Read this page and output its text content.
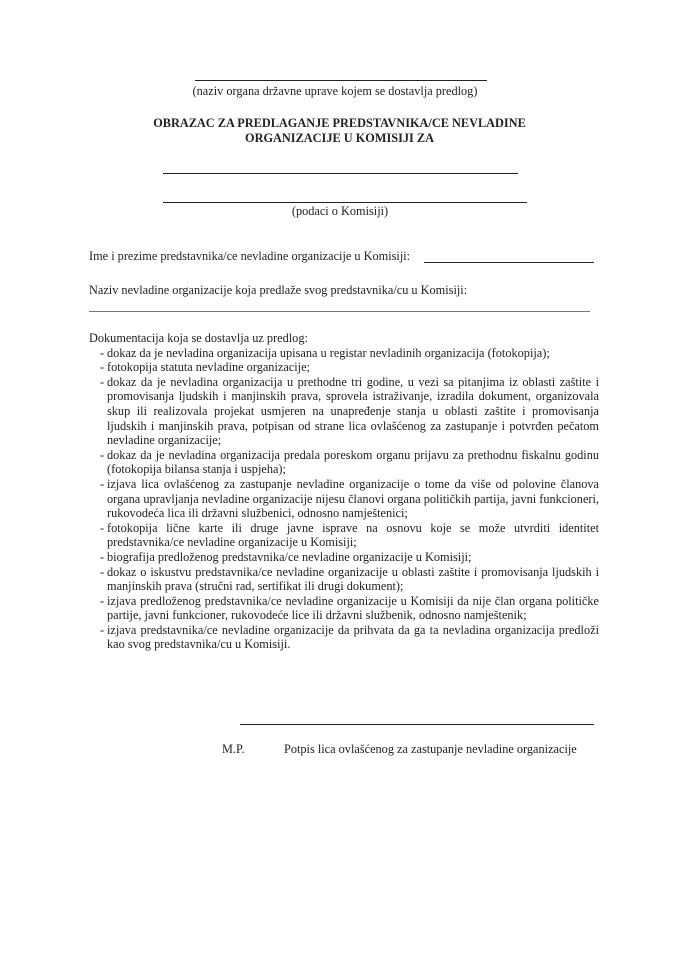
(naziv organa državne uprave kojem se dostavlja predlog)
OBRAZAC ZA PREDLAGANJE PREDSTAVNIKA/CE NEVLADINE
ORGANIZACIJE U KOMISIJI ZA
(podaci o Komisiji)
Ime i prezime predstavnika/ce nevladine organizacije u Komisiji:
Naziv nevladine organizacije koja predlaže svog predstavnika/cu u Komisiji:
Dokumentacija koja se dostavlja uz predlog:
- dokaz da je nevladina organizacija upisana u registar nevladinih organizacija (fotokopija);
- fotokopija statuta nevladine organizacije;
- dokaz da je nevladina organizacija u prethodne tri godine, u vezi sa pitanjima iz oblasti zaštite i promovisanja ljudskih i manjinskih prava, sprovela istraživanje, izradila dokument, organizovala skup ili realizovala projekat usmjeren na unapređenje stanja u oblasti zaštite i promovisanja ljudskih i manjinskih prava, potpisan od strane lica ovlašćenog za zastupanje i potvrđen pečatom nevladine organizacije;
- dokaz da je nevladina organizacija predala poreskom organu prijavu za prethodnu fiskalnu godinu (fotokopija bilansa stanja i uspjeha);
- izjava lica ovlašćenog za zastupanje nevladine organizacije o tome da više od polovine članova organa upravljanja nevladine organizacije nijesu članovi organa političkih partija, javni funkcioneri, rukovodeća lica ili državni službenici, odnosno namještenici;
- fotokopija lične karte ili druge javne isprave na osnovu koje se može utvrditi identitet predstavnika/ce nevladine organizacije u Komisiji;
- biografija predloženog predstavnika/ce nevladine organizacije u Komisiji;
- dokaz o iskustvu predstavnika/ce nevladine organizacije u oblasti zaštite i promovisanja ljudskih i manjinskih prava (stručni rad, sertifikat ili drugi dokument);
- izjava predloženog predstavnika/ce nevladine organizacije u Komisiji da nije član organa političke partije, javni funkcioner, rukovodeće lice ili državni službenik, odnosno namještenik;
- izjava predstavnika/ce nevladine organizacije da prihvata da ga ta nevladina organizacija predloži kao svog predstavnika/cu u Komisiji.
M.P.	Potpis lica ovlašćenog za zastupanje nevladine organizacije
